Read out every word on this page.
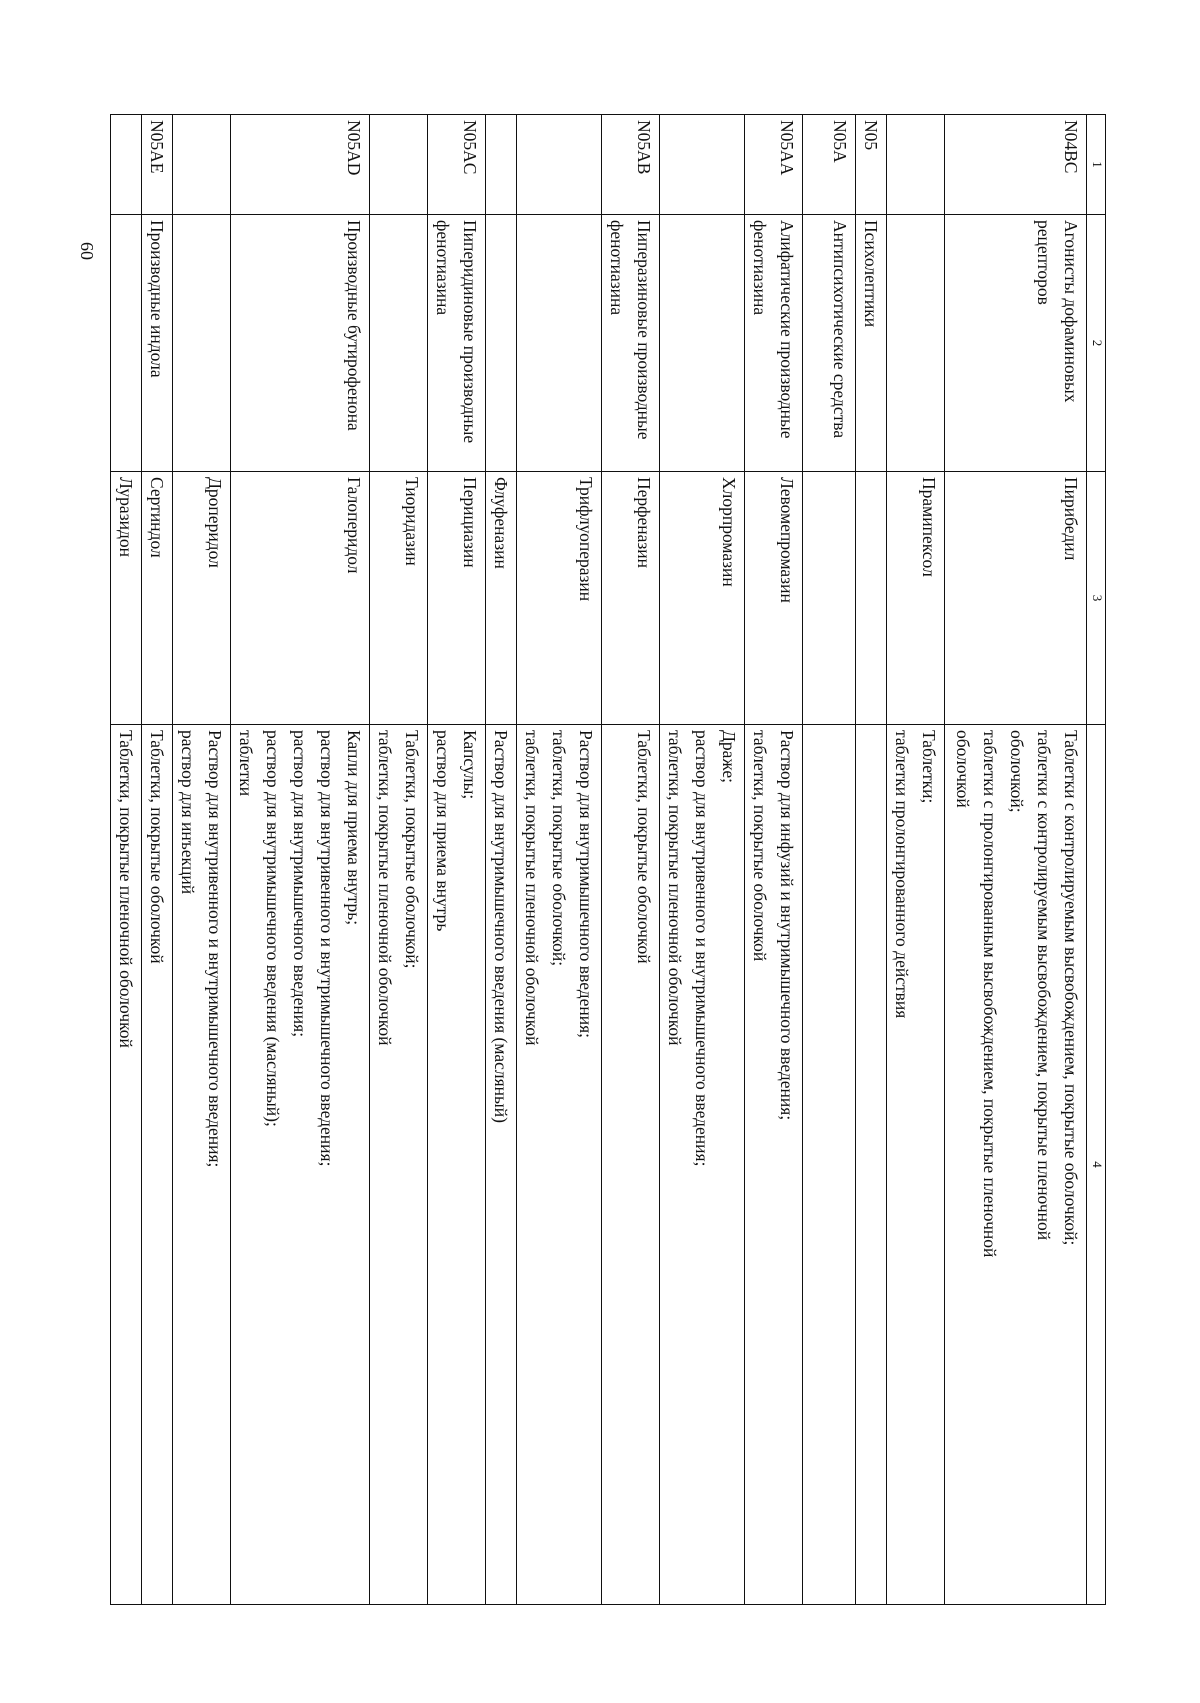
60
1	2	3	4
N04BC	Агонисты дофаминовых рецепторов	Пирибедил	Таблетки с контролируемым высвобождением, покрытые оболочкой;
таблетки с контролируемым высвобождением, покрытые пленочной
оболочкой;
таблетки с пролонгированным высвобождением, покрытые пленочной
оболочкой

		Прамипексол	Таблетки;
таблетки пролонгированного действия

N05	Психолептики		
N05A	Антипсихотические средства		
N05AA	Алифатические производные фенотиазина	Левомепромазин	Раствор для инфузий и внутримышечного введения;
таблетки, покрытые оболочкой

		Хлорпромазин	Драже;
раствор для внутривенного и внутримышечного введения;
таблетки, покрытые пленочной оболочкой

N05AB	Пиперазиновые производные фенотиазина	Перфеназин	Таблетки, покрытые оболочкой

		Трифлуоперазин	Раствор для внутримышечного введения;
таблетки, покрытые оболочкой;
таблетки, покрытые пленочной оболочкой

		Флуфеназин	Раствор для внутримышечного введения (масляный)

N05AC	Пиперидиновые производные фенотиазина	Перициазин	Капсулы;
раствор для приема внутрь

		Тиоридазин	Таблетки, покрытые оболочкой;
таблетки, покрытые пленочной оболочкой

N05AD	Производные бутирофенона	Галоперидол	Капли для приема внутрь;
раствор для внутривенного и внутримышечного введения;
раствор для внутримышечного введения;
раствор для внутримышечного введения (масляный);
таблетки

		Дроперидол	Раствор для внутривенного и внутримышечного введения;
раствор для инъекций

N05AE	Производные индола	Сертиндол	Таблетки, покрытые оболочкой

		Луразидон	Таблетки, покрытые пленочной оболочкой
